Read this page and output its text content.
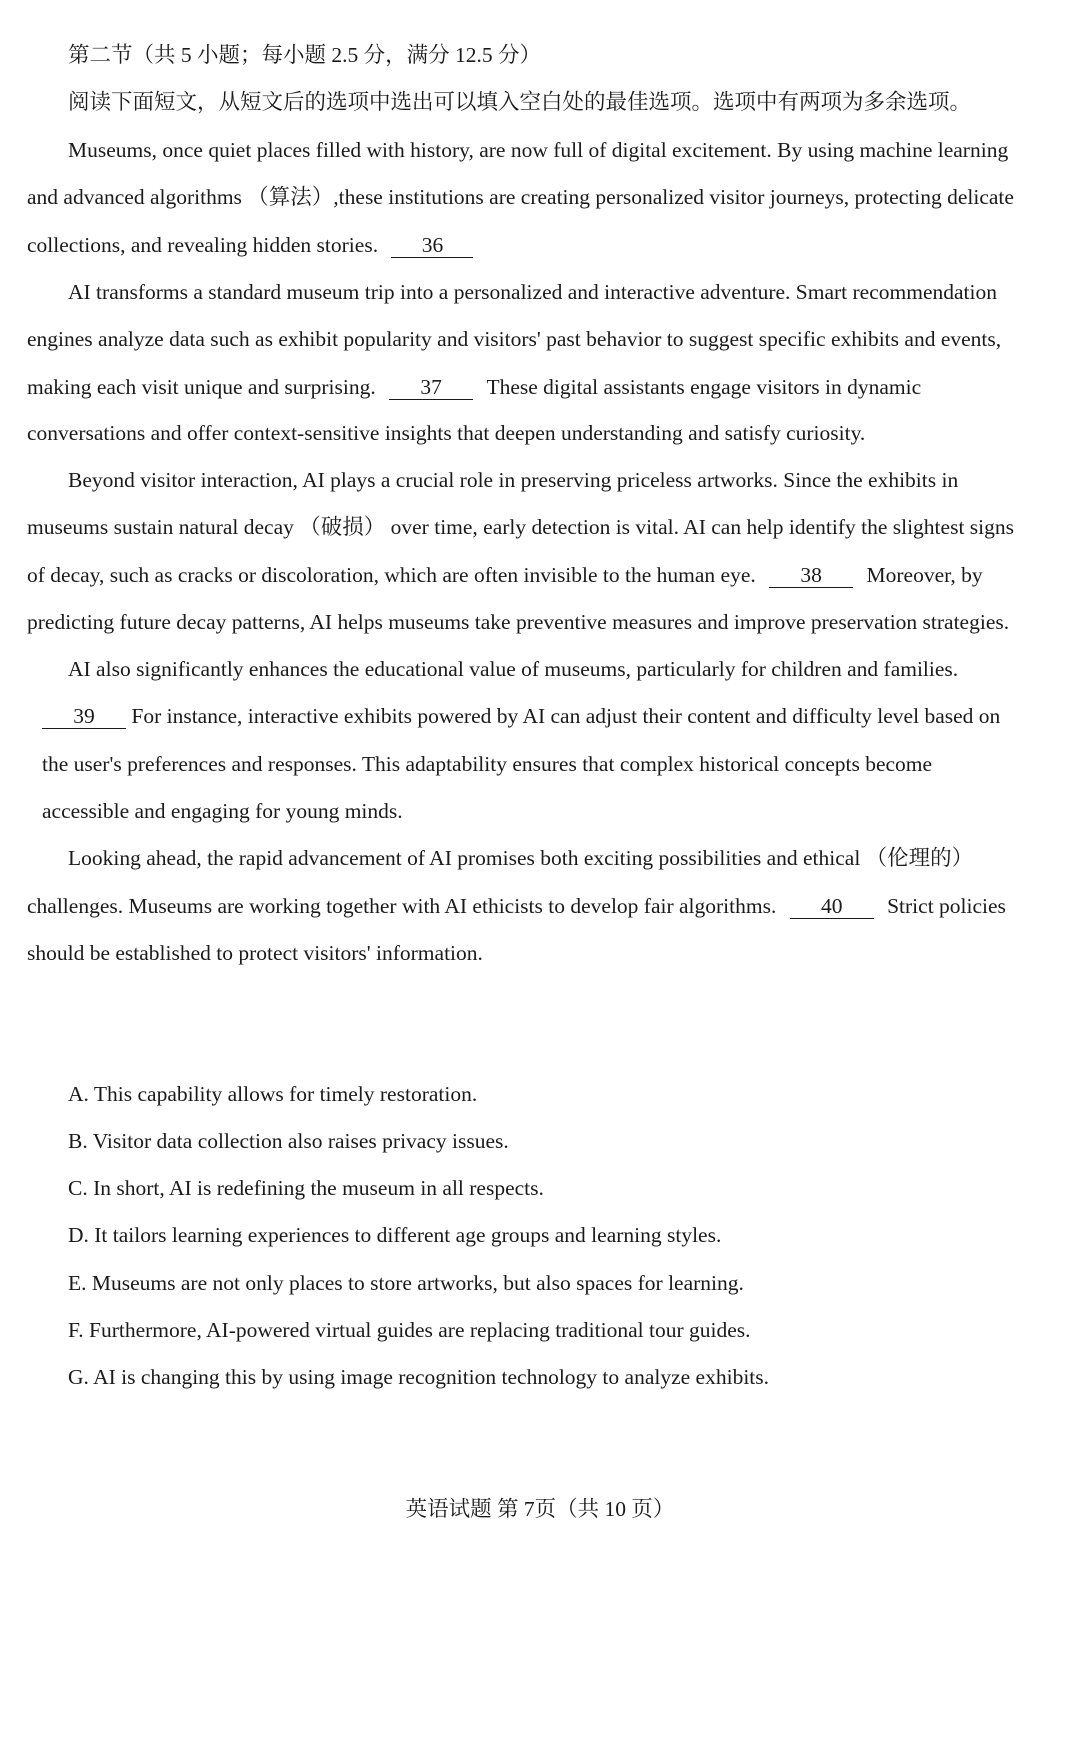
第二节（共 5 小题；每小题 2.5 分，满分 12.5 分）
阅读下面短文，从短文后的选项中选出可以填入空白处的最佳选项。选项中有两项为多余选项。
Museums, once quiet places filled with history, are now full of digital excitement. By using machine learning
and advanced algorithms （算法）,these institutions are creating personalized visitor journeys, protecting delicate
collections, and revealing hidden stories. 36
AI transforms a standard museum trip into a personalized and interactive adventure. Smart recommendation
engines analyze data such as exhibit popularity and visitors' past behavior to suggest specific exhibits and events,
making each visit unique and surprising. 37 These digital assistants engage visitors in dynamic
conversations and offer context-sensitive insights that deepen understanding and satisfy curiosity.
Beyond visitor interaction, AI plays a crucial role in preserving priceless artworks. Since the exhibits in
museums sustain natural decay （破损） over time, early detection is vital. AI can help identify the slightest signs
of decay, such as cracks or discoloration, which are often invisible to the human eye. 38 Moreover, by
predicting future decay patterns, AI helps museums take preventive measures and improve preservation strategies.
AI also significantly enhances the educational value of museums, particularly for children and families.
39 For instance, interactive exhibits powered by AI can adjust their content and difficulty level based on
the user's preferences and responses. This adaptability ensures that complex historical concepts become
accessible and engaging for young minds.
Looking ahead, the rapid advancement of AI promises both exciting possibilities and ethical （伦理的）
challenges. Museums are working together with AI ethicists to develop fair algorithms. 40 Strict policies
should be established to protect visitors' information.
A. This capability allows for timely restoration.
B. Visitor data collection also raises privacy issues.
C. In short, AI is redefining the museum in all respects.
D. It tailors learning experiences to different age groups and learning styles.
E. Museums are not only places to store artworks, but also spaces for learning.
F. Furthermore, AI-powered virtual guides are replacing traditional tour guides.
G. AI is changing this by using image recognition technology to analyze exhibits.
英语试题 第 7页（共 10 页）
